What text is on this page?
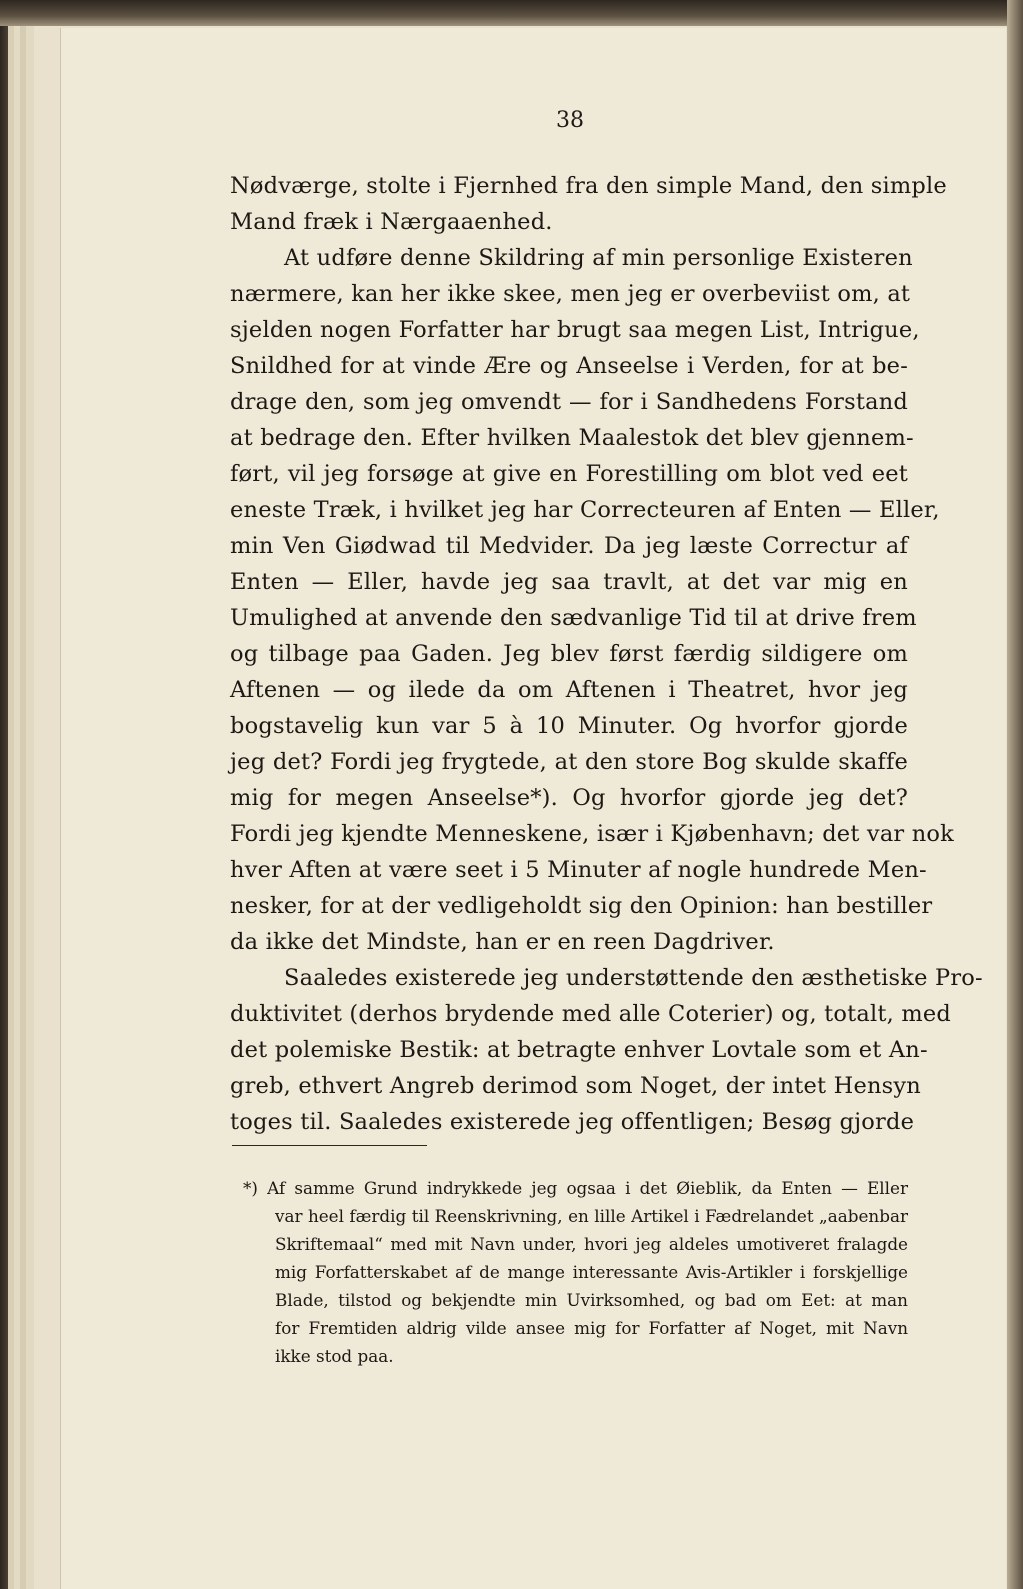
38
Nødværge, stolte i Fjernhed fra den simple Mand, den simple
Mand fræk i Nærgaaenhed.
At udføre denne Skildring af min personlige Existeren
nærmere, kan her ikke skee, men jeg er overbeviist om, at
sjelden nogen Forfatter har brugt saa megen List, Intrigue,
Snildhed for at vinde Ære og Anseelse i Verden, for at be-
drage den, som jeg omvendt — for i Sandhedens Forstand
at bedrage den. Efter hvilken Maalestok det blev gjennem-
ført, vil jeg forsøge at give en Forestilling om blot ved eet
eneste Træk, i hvilket jeg har Correcteuren af Enten — Eller,
min Ven Giødwad til Medvider. Da jeg læste Correctur af
Enten — Eller, havde jeg saa travlt, at det var mig en
Umulighed at anvende den sædvanlige Tid til at drive frem
og tilbage paa Gaden. Jeg blev først færdig sildigere om
Aftenen — og ilede da om Aftenen i Theatret, hvor jeg
bogstavelig kun var 5 à 10 Minuter. Og hvorfor gjorde
jeg det? Fordi jeg frygtede, at den store Bog skulde skaffe
mig for megen Anseelse*). Og hvorfor gjorde jeg det?
Fordi jeg kjendte Menneskene, især i Kjøbenhavn; det var nok
hver Aften at være seet i 5 Minuter af nogle hundrede Men-
nesker, for at der vedligeholdt sig den Opinion: han bestiller
da ikke det Mindste, han er en reen Dagdriver.
Saaledes existerede jeg understøttende den æsthetiske Pro-
duktivitet (derhos brydende med alle Coterier) og, totalt, med
det polemiske Bestik: at betragte enhver Lovtale som et An-
greb, ethvert Angreb derimod som Noget, der intet Hensyn
toges til. Saaledes existerede jeg offentligen; Besøg gjorde
*) Af samme Grund indrykkede jeg ogsaa i det Øieblik, da Enten — Eller
var heel færdig til Reenskrivning, en lille Artikel i Fædrelandet „aabenbar
Skriftemaal“ med mit Navn under, hvori jeg aldeles umotiveret fralagde
mig Forfatterskabet af de mange interessante Avis-Artikler i forskjellige
Blade, tilstod og bekjendte min Uvirksomhed, og bad om Eet: at man
for Fremtiden aldrig vilde ansee mig for Forfatter af Noget, mit Navn
ikke stod paa.
